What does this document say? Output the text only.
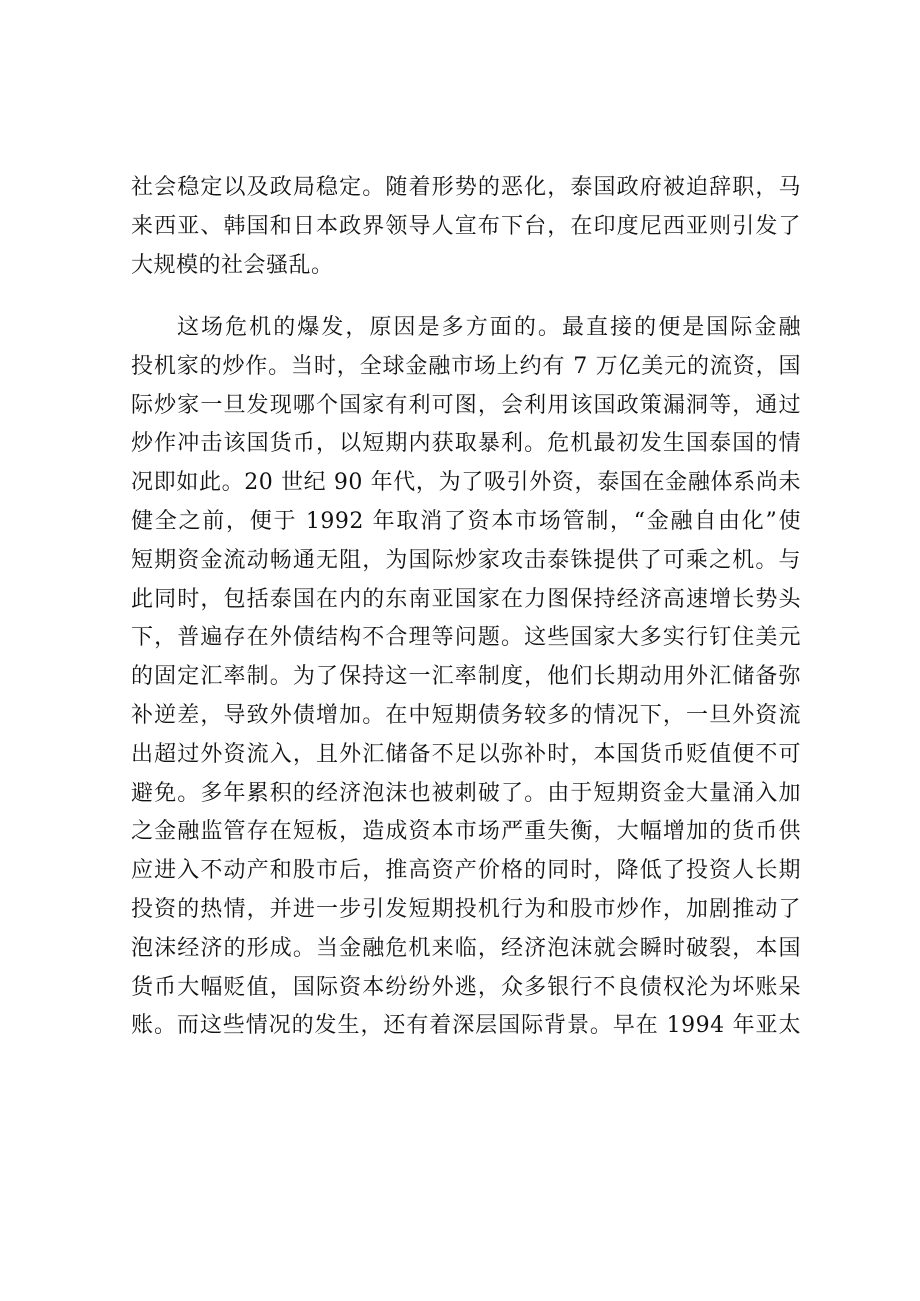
社会稳定以及政局稳定。随着形势的恶化，泰国政府被迫辞职，马
来西亚、韩国和日本政界领导人宣布下台，在印度尼西亚则引发了
大规模的社会骚乱。
这场危机的爆发，原因是多方面的。最直接的便是国际金融
投机家的炒作。当时，全球金融市场上约有 7 万亿美元的流资，国
际炒家一旦发现哪个国家有利可图，会利用该国政策漏洞等，通过
炒作冲击该国货币，以短期内获取暴利。危机最初发生国泰国的情
况即如此。20 世纪 90 年代，为了吸引外资，泰国在金融体系尚未
健全之前，便于 1992 年取消了资本市场管制，“金融自由化”使
短期资金流动畅通无阻，为国际炒家攻击泰铢提供了可乘之机。与
此同时，包括泰国在内的东南亚国家在力图保持经济高速增长势头
下，普遍存在外债结构不合理等问题。这些国家大多实行钉住美元
的固定汇率制。为了保持这一汇率制度，他们长期动用外汇储备弥
补逆差，导致外债增加。在中短期债务较多的情况下，一旦外资流
出超过外资流入，且外汇储备不足以弥补时，本国货币贬值便不可
避免。多年累积的经济泡沫也被刺破了。由于短期资金大量涌入加
之金融监管存在短板，造成资本市场严重失衡，大幅增加的货币供
应进入不动产和股市后，推高资产价格的同时，降低了投资人长期
投资的热情，并进一步引发短期投机行为和股市炒作，加剧推动了
泡沫经济的形成。当金融危机来临，经济泡沫就会瞬时破裂，本国
货币大幅贬值，国际资本纷纷外逃，众多银行不良债权沦为坏账呆
账。而这些情况的发生，还有着深层国际背景。早在 1994 年亚太
